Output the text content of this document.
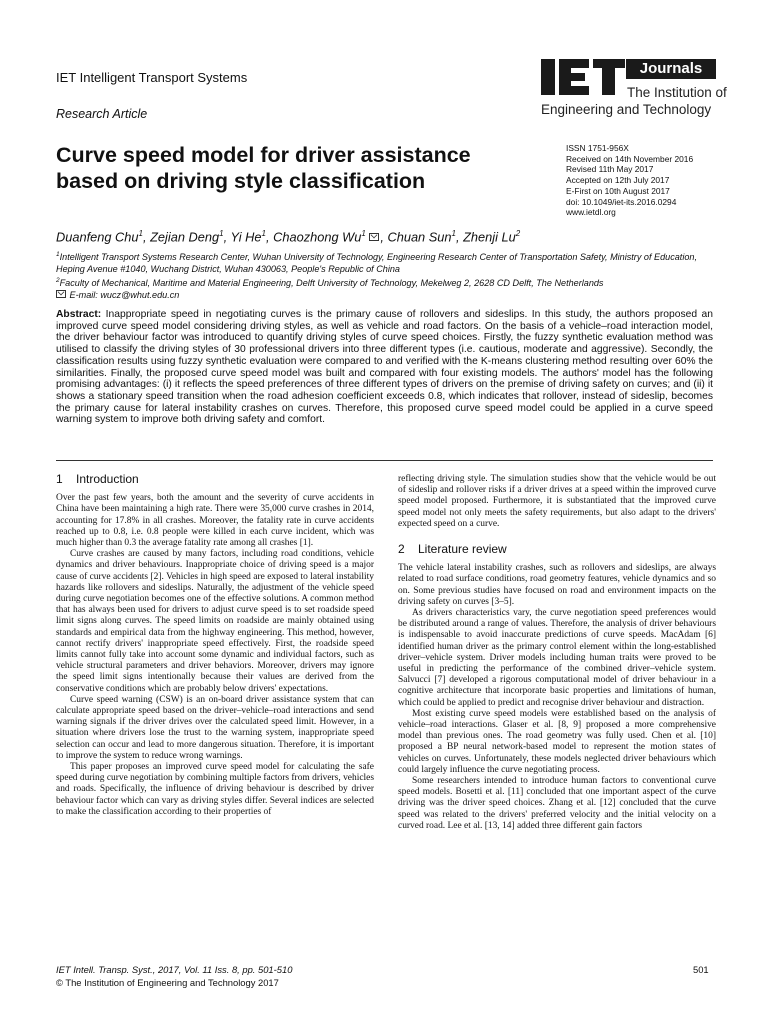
IET Intelligent Transport Systems
Research Article
Journals
The Institution of
Engineering and Technology
Curve speed model for driver assistance based on driving style classification
ISSN 1751-956X
Received on 14th November 2016
Revised 11th May 2017
Accepted on 12th July 2017
E-First on 10th August 2017
doi: 10.1049/iet-its.2016.0294
www.ietdl.org
Duanfeng Chu$^1$, Zejian Deng$^1$, Yi He$^1$, Chaozhong Wu$^1$ , Chuan Sun$^1$, Zhenji Lu$^2$
$^1$Intelligent Transport Systems Research Center, Wuhan University of Technology, Engineering Research Center of Transportation Safety, Ministry of Education, Heping Avenue #1040, Wuchang District, Wuhan 430063, People's Republic of China
$^2$Faculty of Mechanical, Maritime and Material Engineering, Delft University of Technology, Mekelweg 2, 2628 CD Delft, The Netherlands
E-mail: wucz@whut.edu.cn
Abstract: Inappropriate speed in negotiating curves is the primary cause of rollovers and sideslips. In this study, the authors proposed an improved curve speed model considering driving styles, as well as vehicle and road factors. On the basis of a vehicle–road interaction model, the driver behaviour factor was introduced to quantify driving styles of curve speed choices. Firstly, the fuzzy synthetic evaluation method was utilised to classify the driving styles of 30 professional drivers into three different types (i.e. cautious, moderate and aggressive). Secondly, the classification results using fuzzy synthetic evaluation were compared to and verified with the K-means clustering method resulting over 60% the similarities. Finally, the proposed curve speed model was built and compared with four existing models. The authors' model has the following promising advantages: (i) it reflects the speed preferences of three different types of drivers on the premise of driving safety on curves; and (ii) it shows a stationary speed transition when the road adhesion coefficient exceeds 0.8, which indicates that rollover, instead of sideslip, becomes the primary cause for lateral instability crashes on curves. Therefore, this proposed curve speed model could be applied in a curve speed warning system to improve both driving safety and comfort.
1 Introduction

Over the past few years, both the amount and the severity of curve accidents in China have been maintaining a high rate. There were 35,000 curve crashes in 2014, accounting for 17.8% in all crashes. Moreover, the fatality rate in curve accidents reached up to 0.8, i.e. 0.8 people were killed in each curve incident, which was much higher than 0.3 the average fatality rate among all crashes [1].

Curve crashes are caused by many factors, including road conditions, vehicle dynamics and driver behaviours. Inappropriate choice of driving speed is a major cause of curve accidents [2]. Vehicles in high speed are exposed to lateral instability hazards like rollovers and sideslips. Naturally, the adjustment of the vehicle speed during curve negotiation becomes one of the effective solutions. A common method that has always been used for drivers to adjust curve speed is to set roadside speed limit signs along curves. The speed limits on roadside are mainly obtained using standards and empirical data from the highway engineering. This method, however, cannot rectify drivers' inappropriate speed effectively. First, the roadside speed limits cannot fully take into account some dynamic and individual factors, such as vehicle structural parameters and driver behaviors. Moreover, drivers may ignore the speed limit signs intentionally because their values are derived from the conservative conditions which are probably below drivers' expectations.

Curve speed warning (CSW) is an on-board driver assistance system that can calculate appropriate speed based on the driver–vehicle–road interactions and send warning signals if the driver drives over the calculated speed limit. However, in a situation where drivers lose the trust to the warning system, inappropriate speed selection can occur and lead to more dangerous situation. Therefore, it is important to improve the system to reduce wrong warnings.

This paper proposes an improved curve speed model for calculating the safe speed during curve negotiation by combining multiple factors from drivers, vehicles and roads. Specifically, the influence of driving behaviour is described by driver behaviour factor which can vary as driving styles differ. Several indices are selected to make the classification according to their properties of

reflecting driving style. The simulation studies show that the vehicle would be out of sideslip and rollover risks if a driver drives at a speed within the improved curve speed model proposed. Furthermore, it is substantiated that the improved curve speed model not only meets the safety requirements, but also adapt to the drivers' expected speed on a curve.

2 Literature review

The vehicle lateral instability crashes, such as rollovers and sideslips, are always related to road surface conditions, road geometry features, vehicle dynamics and so on. Some previous studies have focused on road and environment impacts on the driving safety on curves [3–5].

As drivers characteristics vary, the curve negotiation speed preferences would be distributed around a range of values. Therefore, the analysis of driver behaviours is indispensable to avoid inaccurate predictions of curve speeds. MacAdam [6] identified human driver as the primary control element within the long-established driver–vehicle system. Driver models including human traits were proved to be useful in predicting the performance of the combined driver–vehicle system. Salvucci [7] developed a rigorous computational model of driver behaviour in a cognitive architecture that incorporate basic properties and limitations of human, which could be applied to predict and recognise driver behaviour and distraction.

Most existing curve speed models were established based on the analysis of vehicle–road interactions. Glaser et al. [8, 9] proposed a more comprehensive model than previous ones. The road geometry was fully used. Chen et al. [10] proposed a BP neural network-based model to represent the motion states of vehicles on curves. Unfortunately, these models neglected driver behaviours which could largely influence the curve negotiating process.

Some researchers intended to introduce human factors to conventional curve speed models. Bosetti et al. [11] concluded that one important aspect of the curve driving was the driver speed choices. Zhang et al. [12] concluded that the curve speed was related to the drivers' preferred velocity and the initial velocity on a curved road. Lee et al. [13, 14] added three different gain factors

IET Intell. Transp. Syst., 2017, Vol. 11 Iss. 8, pp. 501-510
© The Institution of Engineering and Technology 2017
501
